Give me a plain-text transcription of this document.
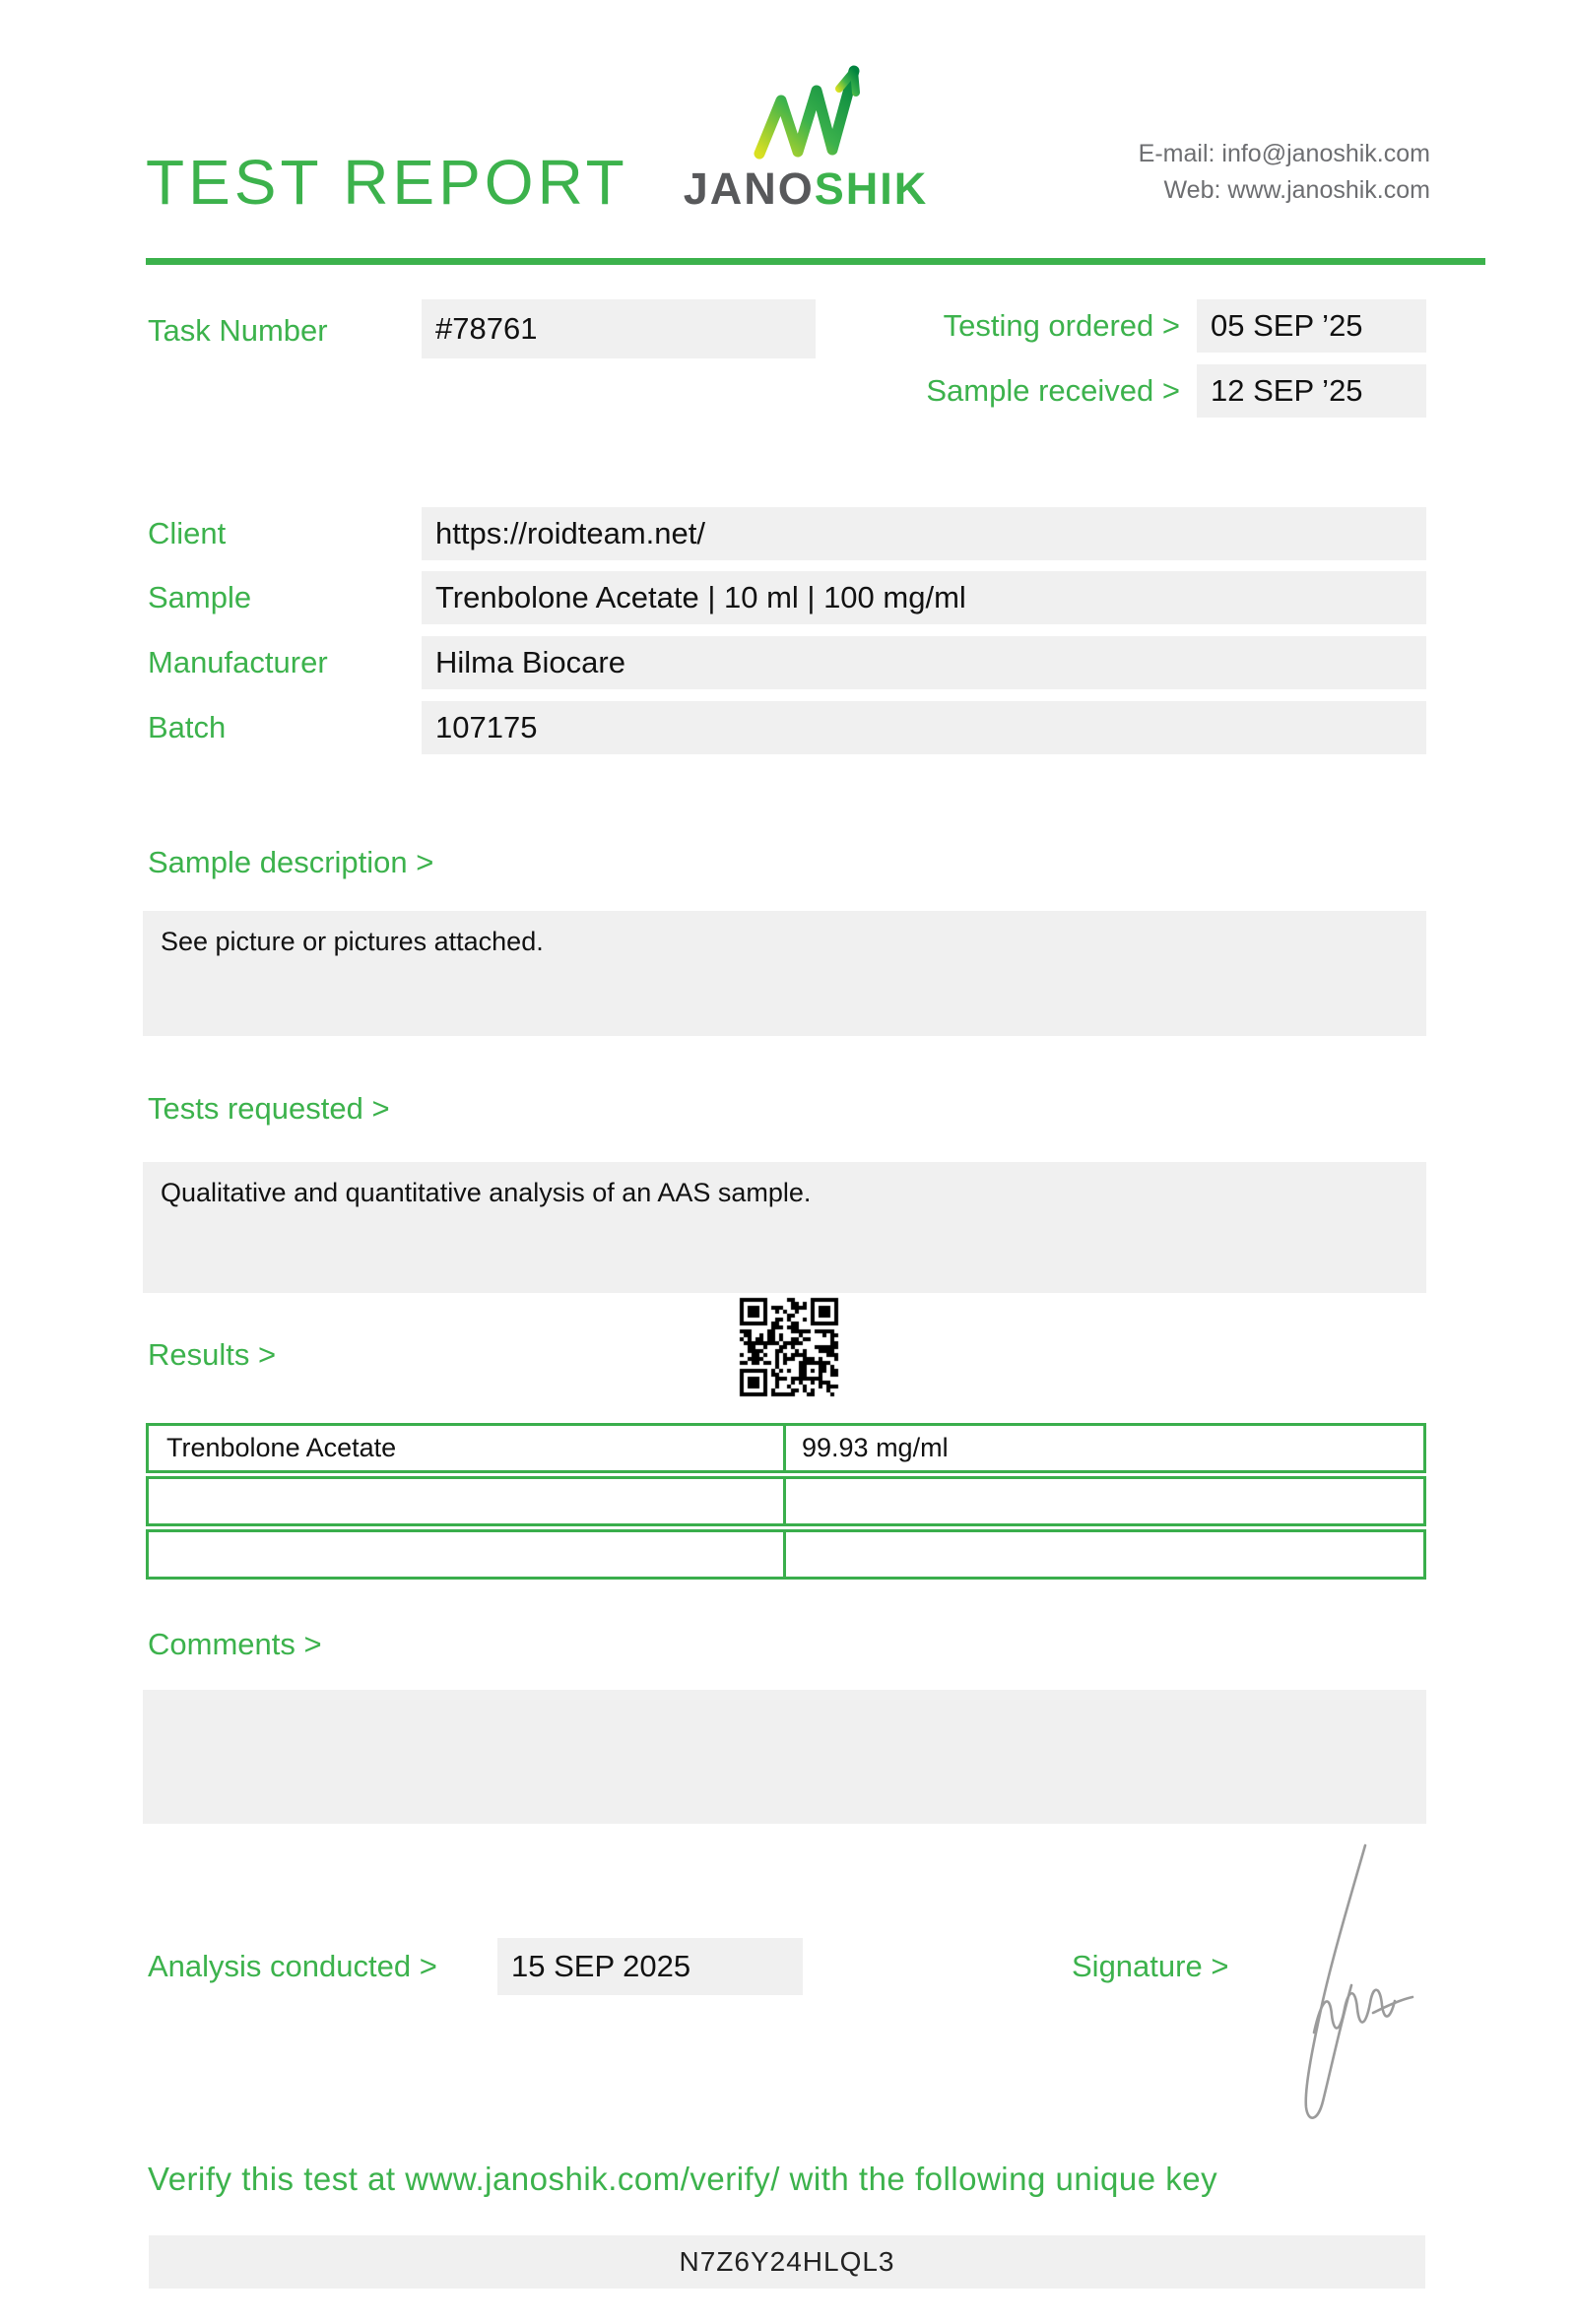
TEST REPORT JANOSHIK
E-mail: info@janoshik.com
Web: www.janoshik.com
Task Number	#78761	Testing ordered >	05 SEP ’25
Sample received >	12 SEP ’25
Client	https://roidteam.net/
Sample	Trenbolone Acetate | 10 ml | 100 mg/ml
Manufacturer	Hilma Biocare
Batch	107175
Sample description >
See picture or pictures attached.
Tests requested >
Qualitative and quantitative analysis of an AAS sample.
Results >
Trenbolone Acetate	99.93 mg/ml
Comments >
Analysis conducted >	15 SEP 2025	Signature >
Verify this test at www.janoshik.com/verify/ with the following unique key
N7Z6Y24HLQL3
